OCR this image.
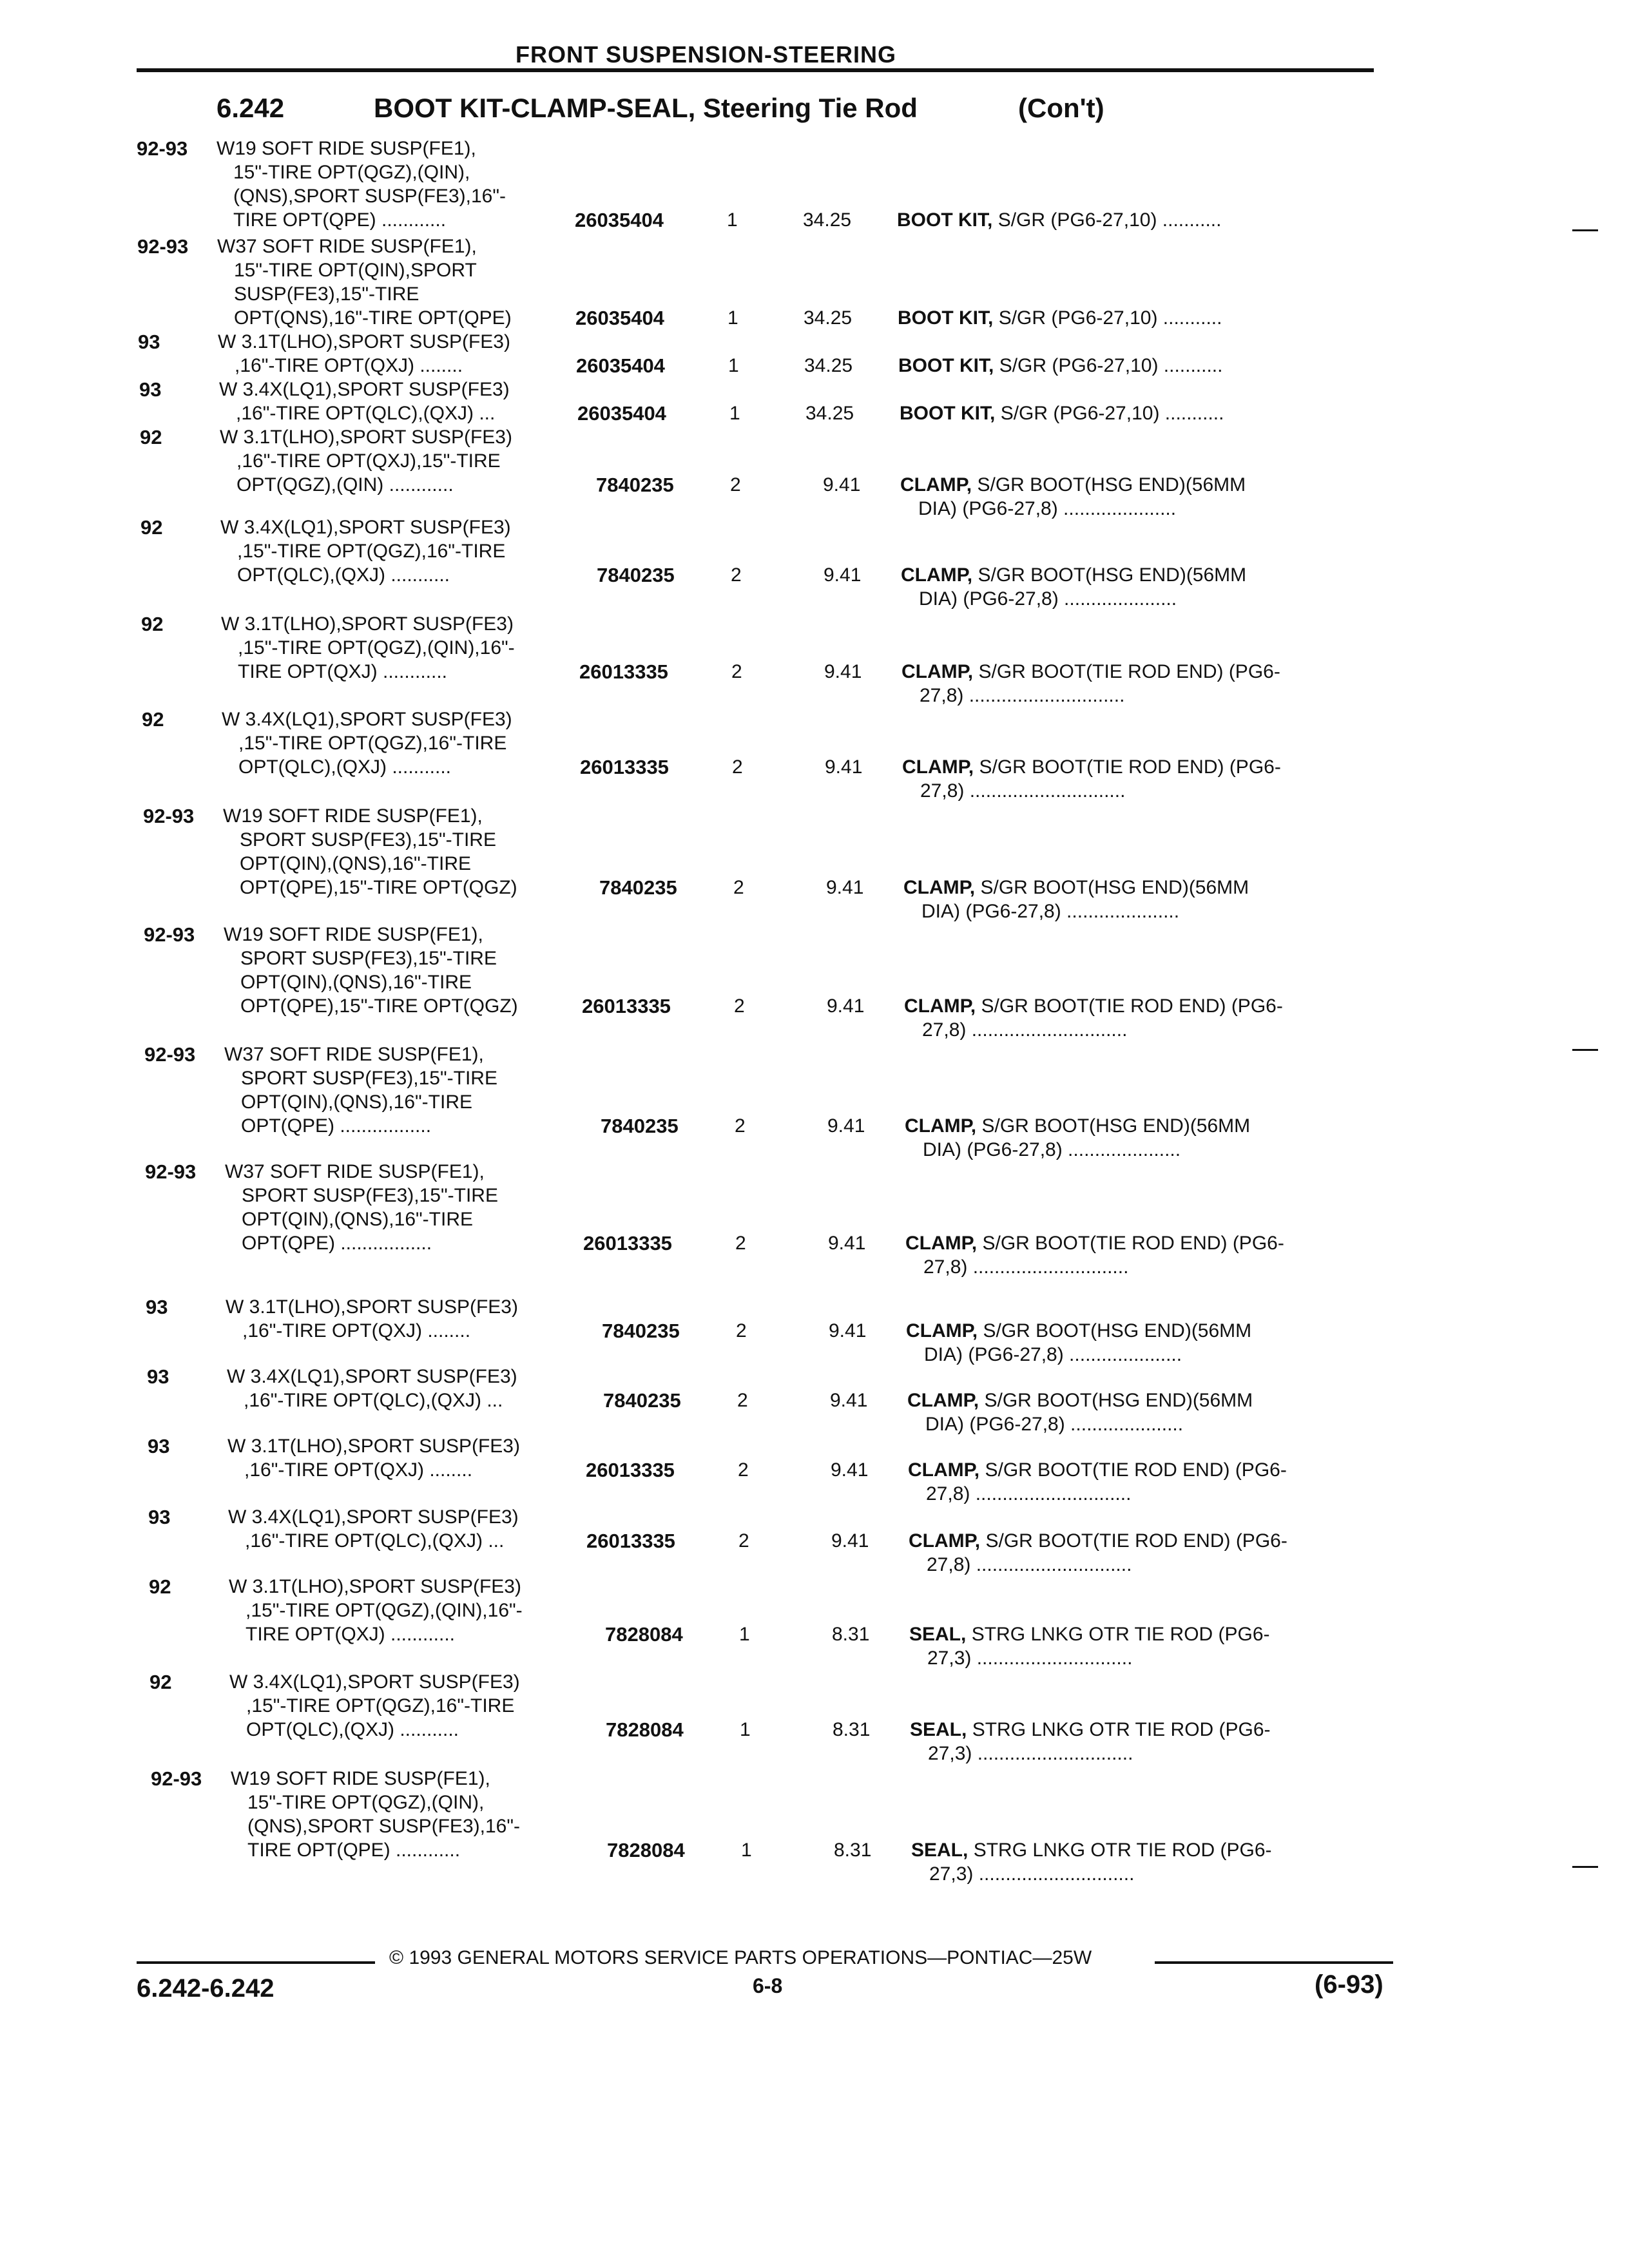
FRONT SUSPENSION-STEERING
6.242	BOOT KIT-CLAMP-SEAL, Steering Tie Rod	(Con't)
92-93 W19 SOFT RIDE SUSP(FE1),
15"-TIRE OPT(QGZ),(QIN),
(QNS),SPORT SUSP(FE3),16"-
TIRE OPT(QPE) ............	26035404	1	34.25 BOOT KIT, S/GR (PG6-27,10) ...........
92-93 W37 SOFT RIDE SUSP(FE1),
15"-TIRE OPT(QIN),SPORT
SUSP(FE3),15"-TIRE
OPT(QNS),16"-TIRE OPT(QPE)	26035404	1	34.25 BOOT KIT, S/GR (PG6-27,10) ...........
93	W 3.1T(LHO),SPORT SUSP(FE3)
,16"-TIRE OPT(QXJ) ........	26035404	1	34.25 BOOT KIT, S/GR (PG6-27,10) ...........
93	W 3.4X(LQ1),SPORT SUSP(FE3)
,16"-TIRE OPT(QLC),(QXJ) ...	26035404	1	34.25 BOOT KIT, S/GR (PG6-27,10) ...........
92	W 3.1T(LHO),SPORT SUSP(FE3)
,16"-TIRE OPT(QXJ),15"-TIRE
OPT(QGZ),(QIN) ............	7840235	2	9.41 CLAMP, S/GR BOOT(HSG END)(56MM
DIA) (PG6-27,8) .....................
92	W 3.4X(LQ1),SPORT SUSP(FE3)
,15"-TIRE OPT(QGZ),16"-TIRE
OPT(QLC),(QXJ) ...........	7840235	2	9.41 CLAMP, S/GR BOOT(HSG END)(56MM
DIA) (PG6-27,8) .....................
92	W 3.1T(LHO),SPORT SUSP(FE3)
,15"-TIRE OPT(QGZ),(QIN),16"-
TIRE OPT(QXJ) ............	26013335	2	9.41 CLAMP, S/GR BOOT(TIE ROD END) (PG6-
27,8) .............................
92	W 3.4X(LQ1),SPORT SUSP(FE3)
,15"-TIRE OPT(QGZ),16"-TIRE
OPT(QLC),(QXJ) ...........	26013335	2	9.41 CLAMP, S/GR BOOT(TIE ROD END) (PG6-
27,8) .............................
92-93 W19 SOFT RIDE SUSP(FE1),
SPORT SUSP(FE3),15"-TIRE
OPT(QIN),(QNS),16"-TIRE
OPT(QPE),15"-TIRE OPT(QGZ)	7840235	2	9.41 CLAMP, S/GR BOOT(HSG END)(56MM
DIA) (PG6-27,8) .....................
92-93 W19 SOFT RIDE SUSP(FE1),
SPORT SUSP(FE3),15"-TIRE
OPT(QIN),(QNS),16"-TIRE
OPT(QPE),15"-TIRE OPT(QGZ)	26013335	2	9.41 CLAMP, S/GR BOOT(TIE ROD END) (PG6-
27,8) .............................
92-93 W37 SOFT RIDE SUSP(FE1),
SPORT SUSP(FE3),15"-TIRE
OPT(QIN),(QNS),16"-TIRE
OPT(QPE) .................	7840235	2	9.41 CLAMP, S/GR BOOT(HSG END)(56MM
DIA) (PG6-27,8) .....................
92-93 W37 SOFT RIDE SUSP(FE1),
SPORT SUSP(FE3),15"-TIRE
OPT(QIN),(QNS),16"-TIRE
OPT(QPE) .................	26013335	2	9.41 CLAMP, S/GR BOOT(TIE ROD END) (PG6-
27,8) .............................
93	W 3.1T(LHO),SPORT SUSP(FE3)
,16"-TIRE OPT(QXJ) ........	7840235	2	9.41 CLAMP, S/GR BOOT(HSG END)(56MM
DIA) (PG6-27,8) .....................
93	W 3.4X(LQ1),SPORT SUSP(FE3)
,16"-TIRE OPT(QLC),(QXJ) ...	7840235	2	9.41 CLAMP, S/GR BOOT(HSG END)(56MM
DIA) (PG6-27,8) .....................
93	W 3.1T(LHO),SPORT SUSP(FE3)
,16"-TIRE OPT(QXJ) ........	26013335	2	9.41 CLAMP, S/GR BOOT(TIE ROD END) (PG6-
27,8) .............................
93	W 3.4X(LQ1),SPORT SUSP(FE3)
,16"-TIRE OPT(QLC),(QXJ) ...	26013335	2	9.41 CLAMP, S/GR BOOT(TIE ROD END) (PG6-
27,8) .............................
92	W 3.1T(LHO),SPORT SUSP(FE3)
,15"-TIRE OPT(QGZ),(QIN),16"-
TIRE OPT(QXJ) ............	7828084	1	8.31 SEAL, STRG LNKG OTR TIE ROD (PG6-
27,3) .............................
92	W 3.4X(LQ1),SPORT SUSP(FE3)
,15"-TIRE OPT(QGZ),16"-TIRE
OPT(QLC),(QXJ) ...........	7828084	1	8.31 SEAL, STRG LNKG OTR TIE ROD (PG6-
27,3) .............................
92-93 W19 SOFT RIDE SUSP(FE1),
15"-TIRE OPT(QGZ),(QIN),
(QNS),SPORT SUSP(FE3),16"-
TIRE OPT(QPE) ............	7828084	1	8.31 SEAL, STRG LNKG OTR TIE ROD (PG6-
27,3) .............................
© 1993 GENERAL MOTORS SERVICE PARTS OPERATIONS—PONTIAC—25W
6.242-6.242	6-8	(6-93)
